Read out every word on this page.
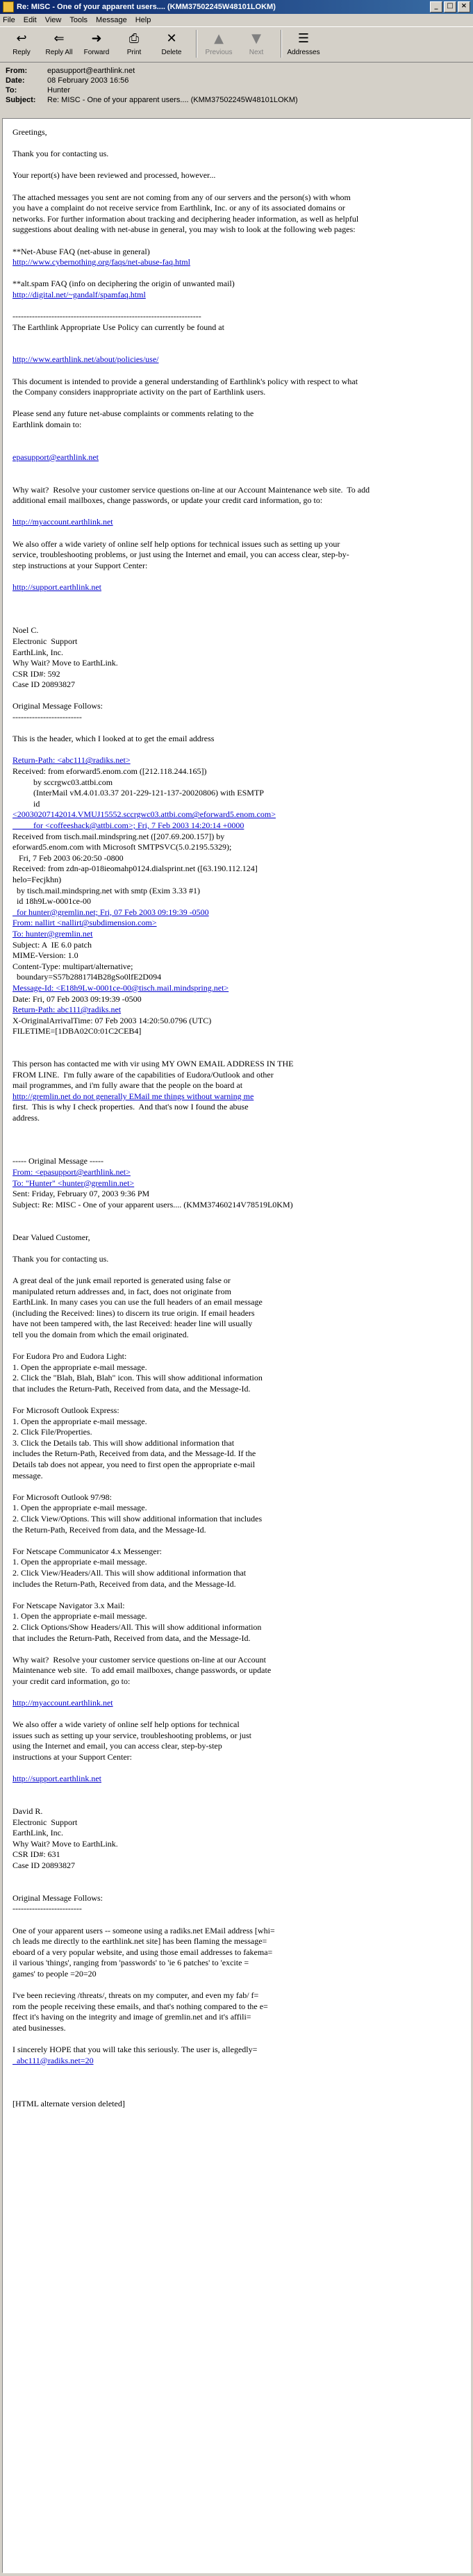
Re: MISC - One of your apparent users.... (KMM37502245W48101LOKM)	_	□	×
File Edit View Tools Message Help
↩
Reply
⇐
Reply All
➜
Forward
⎙
Print
✕
Delete
▲
Previous
▼
Next
☰
Addresses
From:	epasupport@earthlink.net
Date:	08 February 2003 16:56
To:	Hunter
Subject:	Re: MISC - One of your apparent users.... (KMM37502245W48101LOKM)
Greetings,
Thank you for contacting us.
Your report(s) have been reviewed and processed, however...
The attached messages you sent are not coming from any of our servers and the person(s) with whom
you have a complaint do not receive service from Earthlink, Inc. or any of its associated domains or
networks. For further information about tracking and deciphering header information, as well as helpful
suggestions about dealing with net-abuse in general, you may wish to look at the following web pages:
**Net-Abuse FAQ (net-abuse in general)
http://www.cybernothing.org/faqs/net-abuse-faq.html
**alt.spam FAQ (info on deciphering the origin of unwanted mail)
http://digital.net/~gandalf/spamfaq.html
--------------------------------------------------------------------
The Earthlink Appropriate Use Policy can currently be found at
http://www.earthlink.net/about/policies/use/
This document is intended to provide a general understanding of Earthlink's policy with respect to what
the Company considers inappropriate activity on the part of Earthlink users.
Please send any future net-abuse complaints or comments relating to the
Earthlink domain to:
epasupport@earthlink.net
Why wait?  Resolve your customer service questions on-line at our Account Maintenance web site.  To add
additional email mailboxes, change passwords, or update your credit card information, go to:
http://myaccount.earthlink.net
We also offer a wide variety of online self help options for technical issues such as setting up your
service, troubleshooting problems, or just using the Internet and email, you can access clear, step-by-
step instructions at your Support Center:
http://support.earthlink.net
Noel C.
Electronic  Support
EarthLink, Inc.
Why Wait? Move to EarthLink.
CSR ID#: 592
Case ID 20893827
Original Message Follows:
-------------------------
This is the header, which I looked at to get the email address
Return-Path: <abc111@radiks.net>
Received: from eforward5.enom.com ([212.118.244.165])
by sccrgwc03.attbi.com
(InterMail vM.4.01.03.37 201-229-121-137-20020806) with ESMTP
id
<20030207142014.VMUJ15552.sccrgwc03.attbi.com@eforward5.enom.com>
for <coffeeshack@attbi.com>; Fri, 7 Feb 2003 14:20:14 +0000
Received from tisch.mail.mindspring.net ([207.69.200.157]) by
eforward5.enom.com with Microsoft SMTPSVC(5.0.2195.5329);
Fri, 7 Feb 2003 06:20:50 -0800
Received: from zdn-ap-018ieomahp0124.dialsprint.net ([63.190.112.124]
helo=Fecjkhn)
by tisch.mail.mindspring.net with smtp (Exim 3.33 #1)
id 18h9Lw-0001ce-00
for hunter@gremlin.net; Fri, 07 Feb 2003 09:19:39 -0500
From: nallirt <nallirt@subdimension.com>
To: hunter@gremlin.net
Subject: A  IE 6.0 patch
MIME-Version: 1.0
Content-Type: multipart/alternative;
boundary=S57b28817l4B28gSo0lfE2D094
Message-Id: <E18h9Lw-0001ce-00@tisch.mail.mindspring.net>
Date: Fri, 07 Feb 2003 09:19:39 -0500
Return-Path: abc111@radiks.net
X-OriginalArrivalTime: 07 Feb 2003 14:20:50.0796 (UTC)
FILETIME=[1DBA02C0:01C2CEB4]
This person has contacted me with vir using MY OWN EMAIL ADDRESS IN THE
FROM LINE.  I'm fully aware of the capabilities of Eudora/Outlook and other
mail programmes, and i'm fully aware that the people on the board at
http://gremlin.net do not generally EMail me things without warning me
first.  This is why I check properties.  And that's now I found the abuse
address.
----- Original Message -----
From: <epasupport@earthlink.net>
To: "Hunter" <hunter@gremlin.net>
Sent: Friday, February 07, 2003 9:36 PM
Subject: Re: MISC - One of your apparent users.... (KMM37460214V78519L0KM)
Dear Valued Customer,
Thank you for contacting us.
A great deal of the junk email reported is generated using false or
manipulated return addresses and, in fact, does not originate from
EarthLink. In many cases you can use the full headers of an email message
(including the Received: lines) to discern its true origin. If email headers
have not been tampered with, the last Received: header line will usually
tell you the domain from which the email originated.
For Eudora Pro and Eudora Light:
1. Open the appropriate e-mail message.
2. Click the "Blah, Blah, Blah" icon. This will show additional information
that includes the Return-Path, Received from data, and the Message-Id.
For Microsoft Outlook Express:
1. Open the appropriate e-mail message.
2. Click File/Properties.
3. Click the Details tab. This will show additional information that
includes the Return-Path, Received from data, and the Message-Id. If the
Details tab does not appear, you need to first open the appropriate e-mail
message.
For Microsoft Outlook 97/98:
1. Open the appropriate e-mail message.
2. Click View/Options. This will show additional information that includes
the Return-Path, Received from data, and the Message-Id.
For Netscape Communicator 4.x Messenger:
1. Open the appropriate e-mail message.
2. Click View/Headers/All. This will show additional information that
includes the Return-Path, Received from data, and the Message-Id.
For Netscape Navigator 3.x Mail:
1. Open the appropriate e-mail message.
2. Click Options/Show Headers/All. This will show additional information
that includes the Return-Path, Received from data, and the Message-Id.
Why wait?  Resolve your customer service questions on-line at our Account
Maintenance web site.  To add email mailboxes, change passwords, or update
your credit card information, go to:
http://myaccount.earthlink.net
We also offer a wide variety of online self help options for technical
issues such as setting up your service, troubleshooting problems, or just
using the Internet and email, you can access clear, step-by-step
instructions at your Support Center:
http://support.earthlink.net
David R.
Electronic  Support
EarthLink, Inc.
Why Wait? Move to EarthLink.
CSR ID#: 631
Case ID 20893827
Original Message Follows:
-------------------------
One of your apparent users -- someone using a radiks.net EMail address [whi=
ch leads me directly to the earthlink.net site] has been flaming the message=
eboard of a very popular website, and using those email addresses to fakema=
il various 'things', ranging from 'passwords' to 'ie 6 patches' to 'excite =
games' to people =20=20
I've been recieving /threats/, threats on my computer, and even my fab/ f=
rom the people receiving these emails, and that's nothing compared to the e=
ffect it's having on the integrity and image of gremlin.net and it's affili=
ated businesses.
I sincerely HOPE that you will take this seriously. The user is, allegedly=
abc111@radiks.net=20
[HTML alternate version deleted]
